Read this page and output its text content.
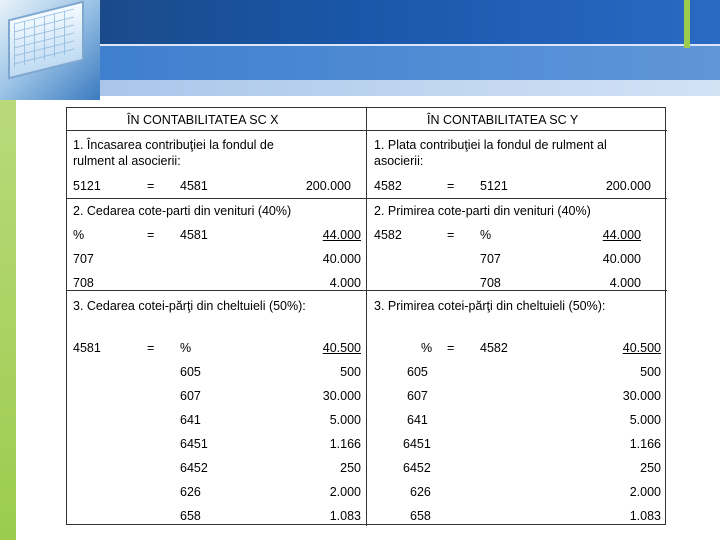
ÎN CONTABILITATEA SC X	ÎN CONTABILITATEA SC Y
1. Încasarea contribuţiei la fondul de
rulment al asocierii:
5121	= 4581	200.000
1. Plata contribuţiei la fondul de rulment al
asocierii:
4582	= 5121	200.000
2. Cedarea cote-parti din venituri (40%)
%	= 4581	44.000
707	40.000
708	4.000
2. Primirea cote-parti din venituri (40%)
4582	= %	44.000
707	40.000
708	4.000
3. Cedarea cotei-părţi din cheltuieli (50%):	3. Primirea cotei-părţi din cheltuieli (50%):
4581	= %	40.500	% = 4582	40.500
605	500	605	500
607	30.000	607	30.000
641	5.000	641	5.000
6451	1.166	6451	1.166
6452	250	6452	250
626	2.000	626	2.000
658	1.083	658	1.083
